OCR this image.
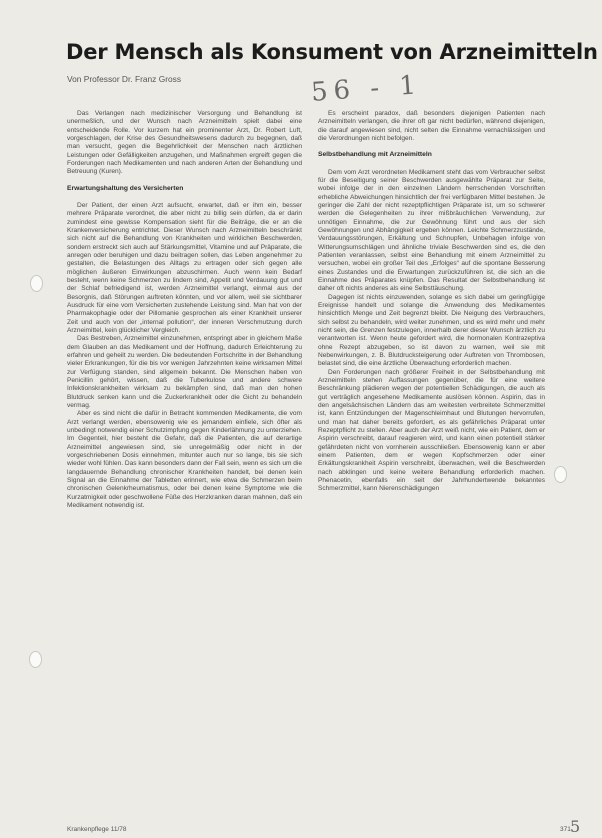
Der Mensch als Konsument von Arzneimitteln
Von Professor Dr. Franz Gross	56 - 1

Das Verlangen nach medizinischer Versorgung und Behandlung ist unermeßlich, und der Wunsch nach Arzneimitteln spielt dabei eine entscheidende Rolle. Vor kurzem hat ein prominenter Arzt, Dr. Robert Luft, vorgeschlagen, der Krise des Gesundheitswesens dadurch zu begegnen, daß man versucht, gegen die Begehrlichkeit der Menschen nach ärztlichen Leistungen oder Gefälligkeiten anzugehen, und Maßnahmen ergreift gegen die Forderungen nach Medikamenten und nach anderen Arten der Behandlung und Betreuung (Kuren).

Erwartungshaltung des Versicherten

Der Patient, der einen Arzt aufsucht, erwartet, daß er ihm ein, besser mehrere Präparate verordnet, die aber nicht zu billig sein dürfen, da er darin zumindest eine gewisse Kompensation sieht für die Beiträge, die er an die Krankenversicherung entrichtet. Dieser Wunsch nach Arzneimitteln beschränkt sich nicht auf die Behandlung von Krankheiten und wirklichen Beschwerden, sondern erstreckt sich auch auf Stärkungsmittel, Vitamine und auf Präparate, die anregen oder beruhigen und dazu beitragen sollen, das Leben angenehmer zu gestalten, die Belastungen des Alltags zu ertragen oder sich gegen alle möglichen äußeren Einwirkungen abzuschirmen. Auch wenn kein Bedarf besteht, wenn keine Schmerzen zu lindern sind, Appetit und Verdauung gut und der Schlaf befriedigend ist, werden Arzneimittel verlangt, einmal aus der Besorgnis, daß Störungen auftreten könnten, und vor allem, weil sie sichtbarer Ausdruck für eine vom Versicherten zustehende Leistung sind. Man hat von der Pharmakophagie oder der Pillomanie gesprochen als einer Krankheit unserer Zeit und auch von der „internal pollution“, der inneren Verschmutzung durch Arzneimittel, kein glücklicher Vergleich.

Das Bestreben, Arzneimittel einzunehmen, entspringt aber in gleichem Maße dem Glauben an das Medikament und der Hoffnung, dadurch Erleichterung zu erfahren und geheilt zu werden. Die bedeutenden Fortschritte in der Behandlung vieler Erkrankungen, für die bis vor wenigen Jahrzehnten keine wirksamen Mittel zur Verfügung standen, sind allgemein bekannt. Die Menschen haben von Penicillin gehört, wissen, daß die Tuberkulose und andere schwere Infektionskrankheiten wirksam zu bekämpfen sind, daß man den hohen Blutdruck senken kann und die Zuckerkrankheit oder die Gicht zu behandeln vermag.

Aber es sind nicht die dafür in Betracht kommenden Medikamente, die vom Arzt verlangt werden, ebensowenig wie es jemandem einfiele, sich öfter als unbedingt notwendig einer Schutzimpfung gegen Kinderlähmung zu unterziehen. Im Gegenteil, hier besteht die Gefahr, daß die Patienten, die auf derartige Arzneimittel angewiesen sind, sie unregelmäßig oder nicht in der vorgeschriebenen Dosis einnehmen, mitunter auch nur so lange, bis sie sich wieder wohl fühlen. Das kann besonders dann der Fall sein, wenn es sich um die langdauernde Behandlung chronischer Krankheiten handelt, bei denen kein Signal an die Einnahme der Tabletten erinnert, wie etwa die Schmerzen beim chronischen Gelenkrheumatismus, oder bei denen keine Symptome wie die Kurzatmigkeit oder geschwollene Füße des Herzkranken daran mahnen, daß ein Medikament notwendig ist.

Es erscheint paradox, daß besonders diejenigen Patienten nach Arzneimitteln verlangen, die ihrer oft gar nicht bedürfen, während diejenigen, die darauf angewiesen sind, nicht selten die Einnahme vernachlässigen und die Verordnungen nicht befolgen.

Selbstbehandlung mit Arzneimitteln

Dem vom Arzt verordneten Medikament steht das vom Verbraucher selbst für die Beseitigung seiner Beschwerden ausgewählte Präparat zur Seite, wobei infolge der in den einzelnen Ländern herrschenden Vorschriften erhebliche Abweichungen hinsichtlich der frei verfügbaren Mittel bestehen. Je geringer die Zahl der nicht rezeptpflichtigen Präparate ist, um so schwerer werden die Gelegenheiten zu ihrer mißbräuchlichen Verwendung, zur unnötigen Einnahme, die zur Gewöhnung führt und aus der sich Gewöhnungen und Abhängigkeit ergeben können. Leichte Schmerzzustände, Verdauungsstörungen, Erkältung und Schnupfen, Unbehagen infolge von Witterungsumschlägen und ähnliche triviale Beschwerden sind es, die den Patienten veranlassen, selbst eine Behandlung mit einem Arzneimittel zu versuchen, wobei ein großer Teil des „Erfolges“ auf die spontane Besserung eines Zustandes und die Erwartungen zurückzuführen ist, die sich an die Einnahme des Präparates knüpfen. Das Resultat der Selbstbehandlung ist daher oft nichts anderes als eine Selbsttäuschung.

Dagegen ist nichts einzuwenden, solange es sich dabei um geringfügige Ereignisse handelt und solange die Anwendung des Medikamentes hinsichtlich Menge und Zeit begrenzt bleibt. Die Neigung des Verbrauchers, sich selbst zu behandeln, wird weiter zunehmen, und es wird mehr und mehr nicht sein, die Grenzen festzulegen, innerhalb derer dieser Wunsch ärztlich zu verantworten ist. Wenn heute gefordert wird, die hormonalen Kontrazeptiva ohne Rezept abzugeben, so ist davon zu warnen, weil sie mit Nebenwirkungen, z. B. Blutdrucksteigerung oder Auftreten von Thrombosen, belastet sind, die eine ärztliche Überwachung erforderlich machen.

Den Forderungen nach größerer Freiheit in der Selbstbehandlung mit Arzneimitteln stehen Auffassungen gegenüber, die für eine weitere Beschränkung plädieren wegen der potentiellen Schädigungen, die auch als gut verträglich angesehene Medikamente auslösen können. Aspirin, das in den angelsächsischen Ländern das am weitesten verbreitete Schmerzmittel ist, kann Entzündungen der Magenschleimhaut und Blutungen hervorrufen, und man hat daher bereits gefordert, es als gefährliches Präparat unter Rezeptpflicht zu stellen. Aber auch der Arzt weiß nicht, wie ein Patient, dem er Aspirin verschreibt, darauf reagieren wird, und kann einen potentiell stärker gefährdeten nicht von vornherein ausschließen. Ebensowenig kann er aber einem Patienten, dem er wegen Kopfschmerzen oder einer Erkältungskrankheit Aspirin verschreibt, überwachen, weil die Beschwerden nach abklingen und keine weitere Behandlung erforderlich machen. Phenacetin, ebenfalls ein seit der Jahrhundertwende bekanntes Schmerzmittel, kann Nierenschädigungen

Krankenpflege 11/78	371 5
